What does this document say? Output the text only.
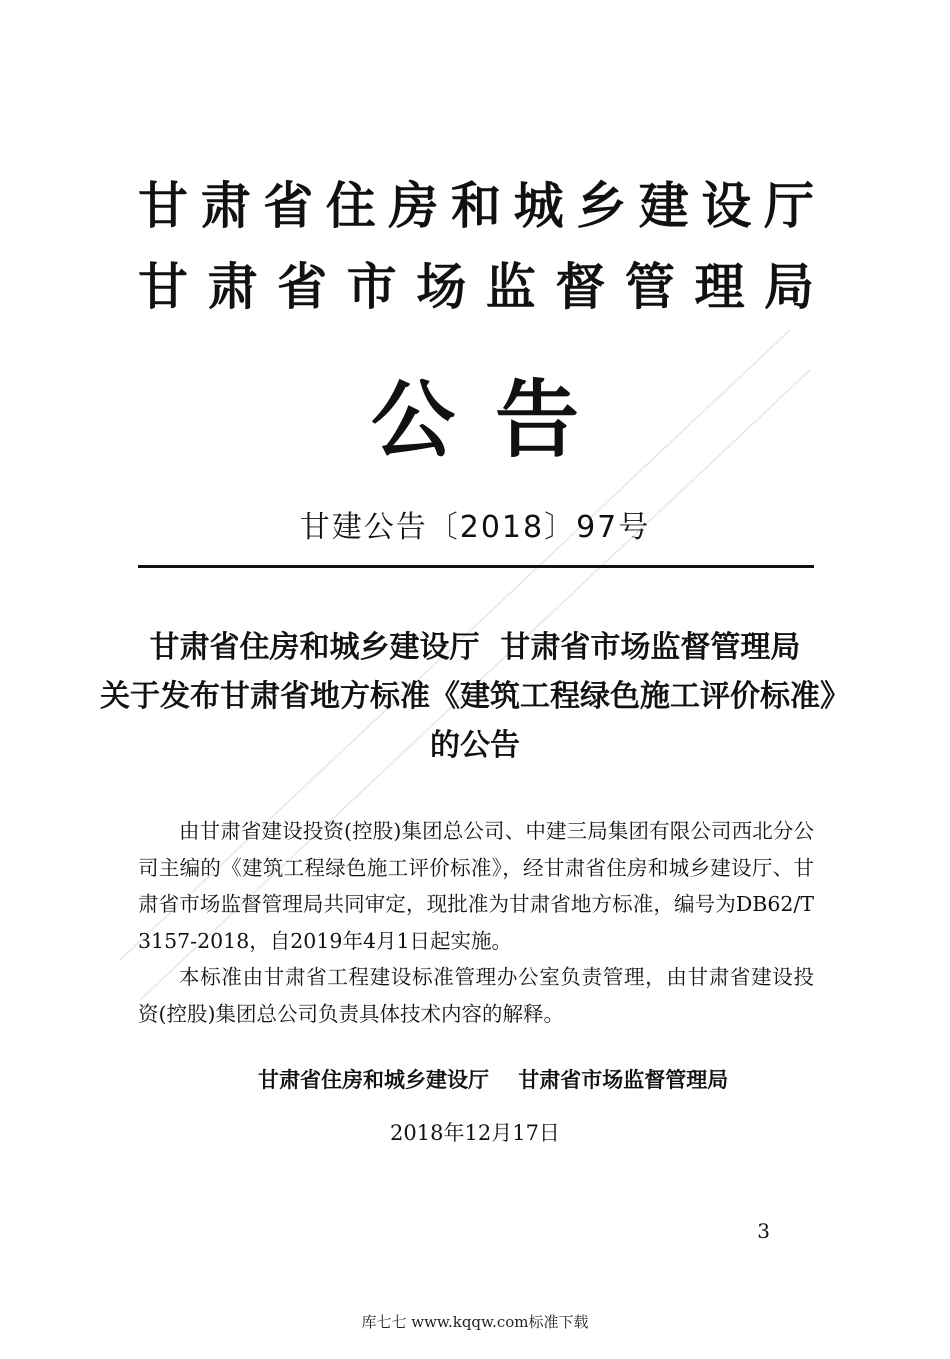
甘肃省住房和城乡建设厅
甘肃省市场监督管理局
公告
甘建公告〔2018〕97号
甘肃省住房和城乡建设厅  甘肃省市场监督管理局
关于发布甘肃省地方标准《建筑工程绿色施工评价标准》
的公告

由甘肃省建设投资(控股)集团总公司、中建三局集团有限公司西北分公司主编的《建筑工程绿色施工评价标准》，经甘肃省住房和城乡建设厅、甘肃省市场监督管理局共同审定，现批准为甘肃省地方标准，编号为DB62/T 3157-2018，自2019年4月1日起实施。

本标准由甘肃省工程建设标准管理办公室负责管理，由甘肃省建设投资(控股)集团总公司负责具体技术内容的解释。

甘肃省住房和城乡建设厅    甘肃省市场监督管理局
2018年12月17日
3
库七七 www.kqqw.com标准下载
